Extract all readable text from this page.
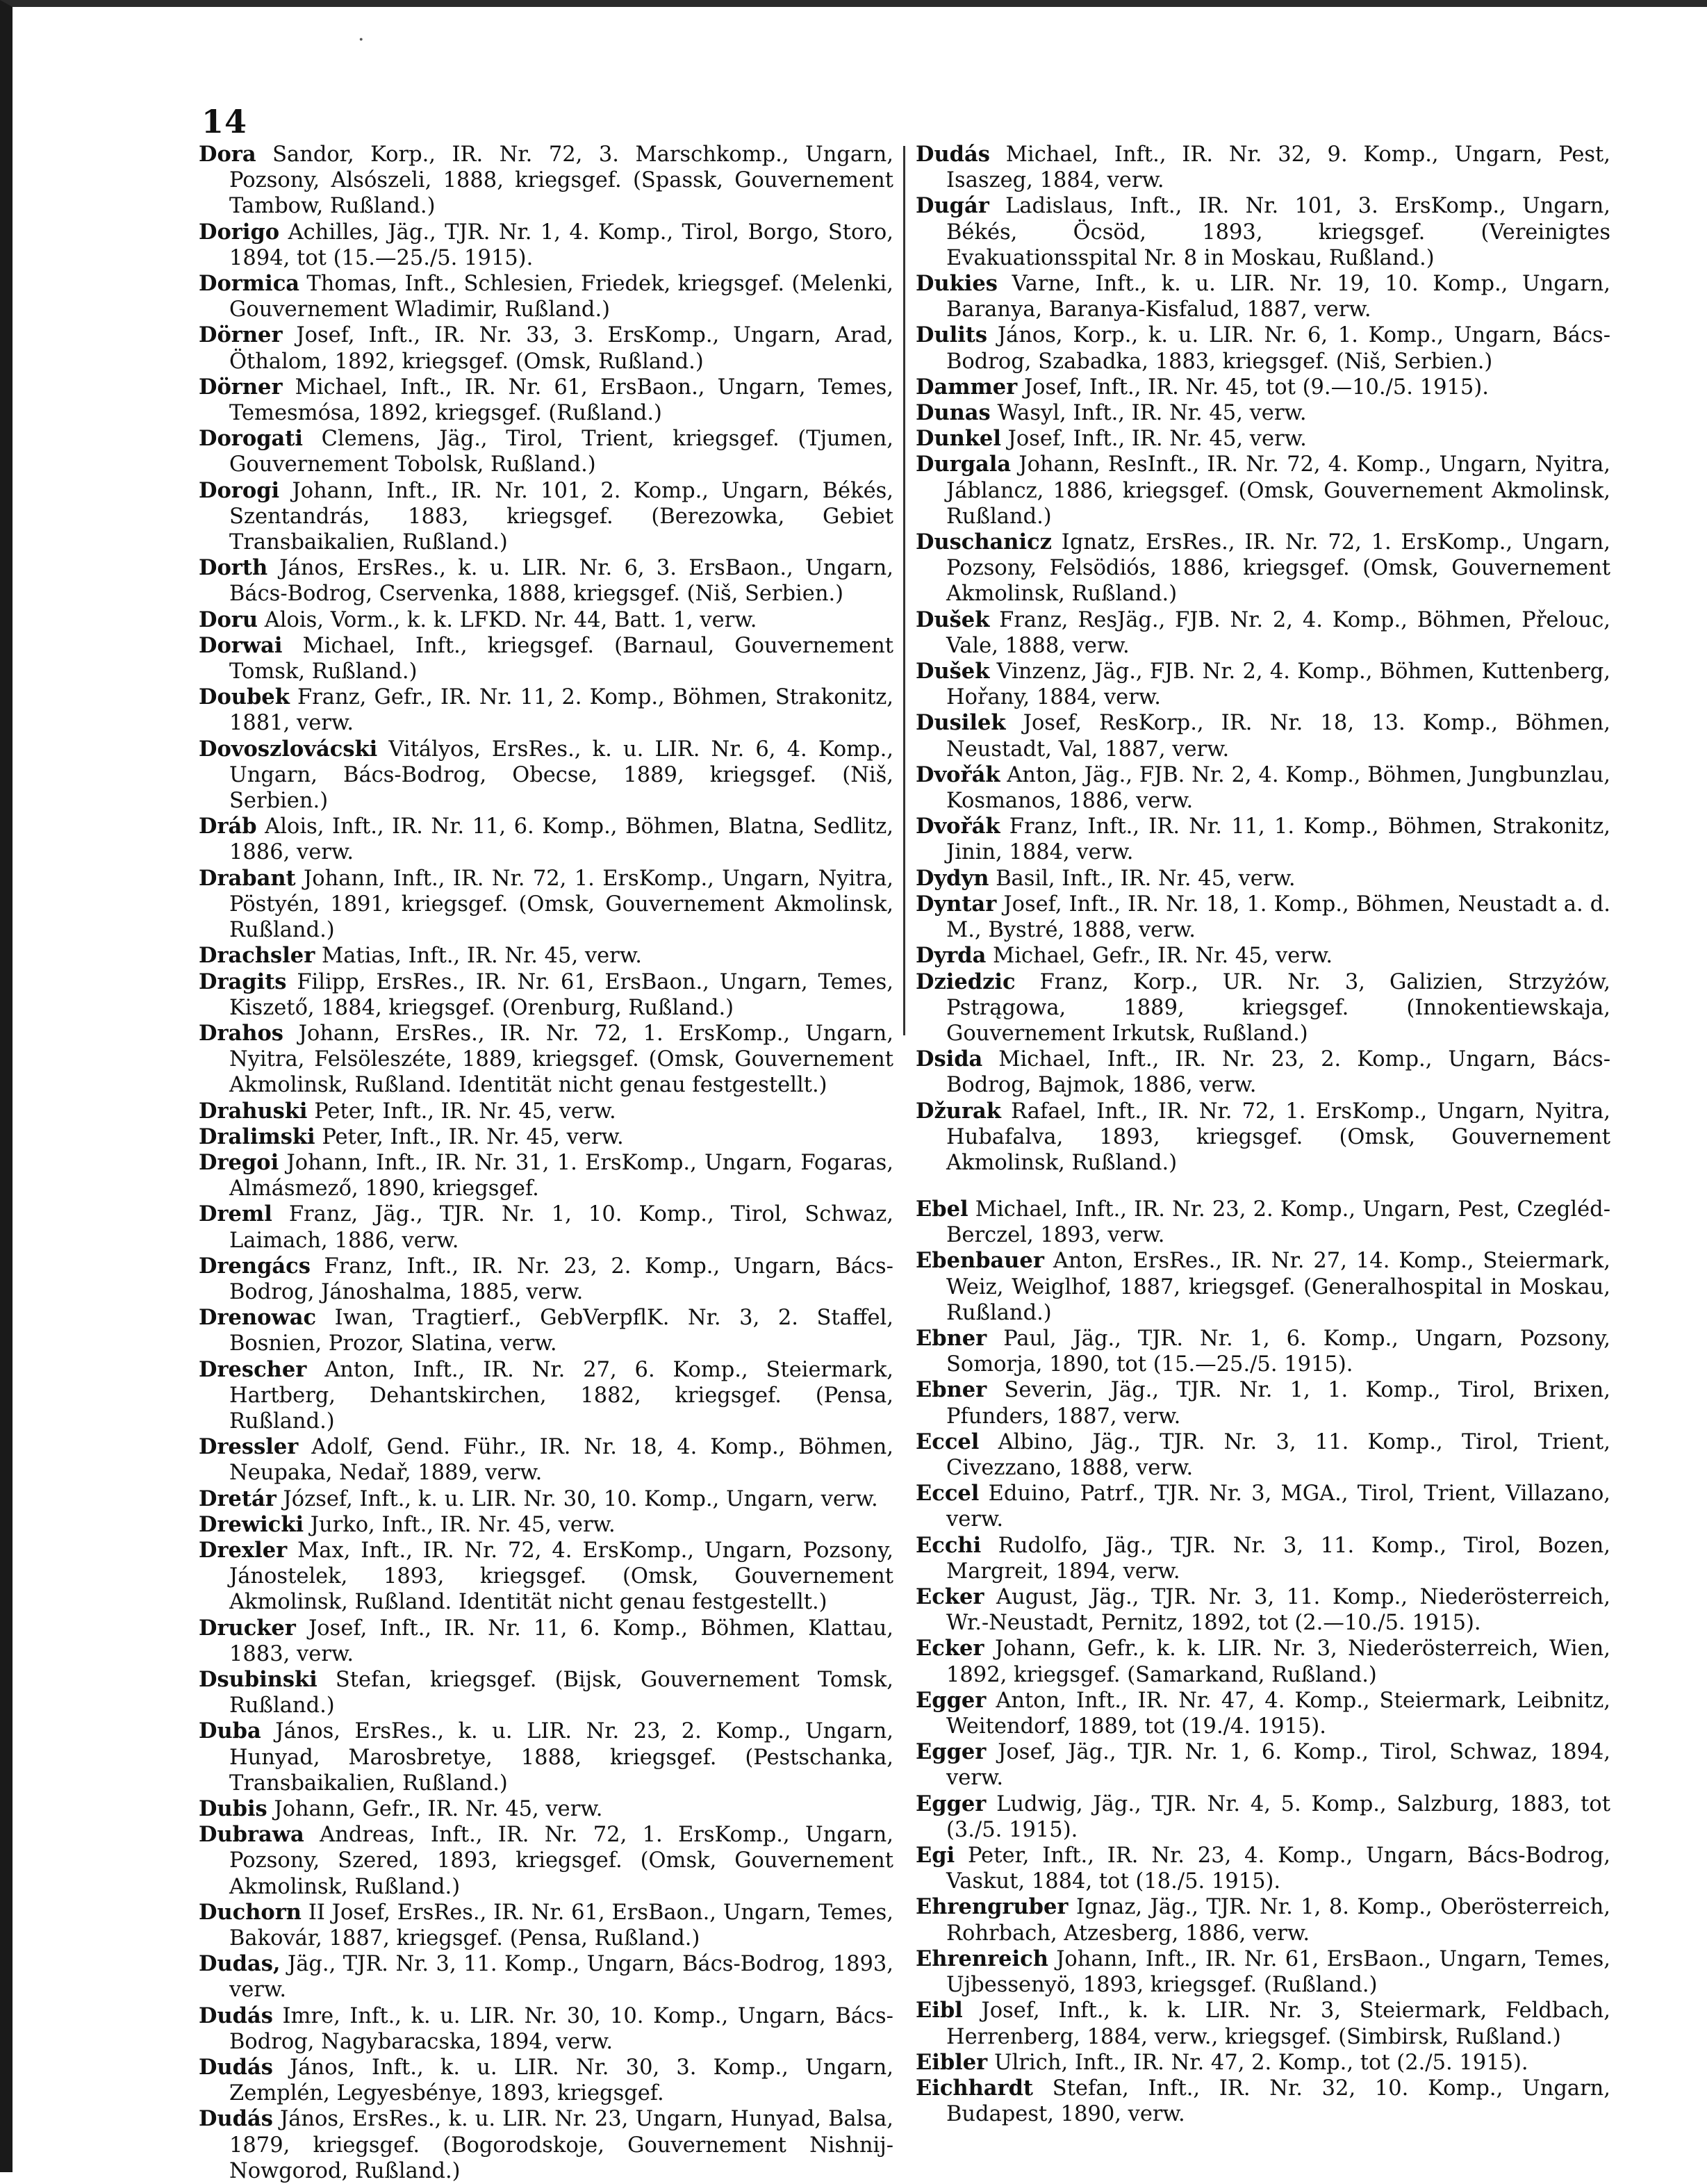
·
14

Dora Sandor, Korp., IR. Nr. 72, 3. Marschkomp., Ungarn, Pozsony, Alsószeli, 1888, kriegsgef. (Spassk, Gouvernement Tambow, Rußland.)

Dorigo Achilles, Jäg., TJR. Nr. 1, 4. Komp., Tirol, Borgo, Storo, 1894, tot (15.—25./5. 1915).

Dormica Thomas, Inft., Schlesien, Friedek, kriegsgef. (Melenki, Gouvernement Wladimir, Rußland.)

Dörner Josef, Inft., IR. Nr. 33, 3. ErsKomp., Ungarn, Arad, Öthalom, 1892, kriegsgef. (Omsk, Rußland.)

Dörner Michael, Inft., IR. Nr. 61, ErsBaon., Ungarn, Temes, Temesmósa, 1892, kriegsgef. (Rußland.)

Dorogati Clemens, Jäg., Tirol, Trient, kriegsgef. (Tjumen, Gouvernement Tobolsk, Rußland.)

Dorogi Johann, Inft., IR. Nr. 101, 2. Komp., Ungarn, Békés, Szentandrás, 1883, kriegsgef. (Berezowka, Gebiet Transbaikalien, Rußland.)

Dorth János, ErsRes., k. u. LIR. Nr. 6, 3. ErsBaon., Ungarn, Bács-Bodrog, Cservenka, 1888, kriegsgef. (Niš, Serbien.)

Doru Alois, Vorm., k. k. LFKD. Nr. 44, Batt. 1, verw.

Dorwai Michael, Inft., kriegsgef. (Barnaul, Gouvernement Tomsk, Rußland.)

Doubek Franz, Gefr., IR. Nr. 11, 2. Komp., Böhmen, Strakonitz, 1881, verw.

Dovoszlovácski Vitályos, ErsRes., k. u. LIR. Nr. 6, 4. Komp., Ungarn, Bács-Bodrog, Obecse, 1889, kriegsgef. (Niš, Serbien.)

Dráb Alois, Inft., IR. Nr. 11, 6. Komp., Böhmen, Blatna, Sedlitz, 1886, verw.

Drabant Johann, Inft., IR. Nr. 72, 1. ErsKomp., Ungarn, Nyitra, Pöstyén, 1891, kriegsgef. (Omsk, Gouvernement Akmolinsk, Rußland.)

Drachsler Matias, Inft., IR. Nr. 45, verw.

Dragits Filipp, ErsRes., IR. Nr. 61, ErsBaon., Ungarn, Temes, Kiszető, 1884, kriegsgef. (Orenburg, Rußland.)

Drahos Johann, ErsRes., IR. Nr. 72, 1. ErsKomp., Ungarn, Nyitra, Felsöleszéte, 1889, kriegsgef. (Omsk, Gouvernement Akmolinsk, Rußland. Identität nicht genau festgestellt.)

Drahuski Peter, Inft., IR. Nr. 45, verw.

Dralimski Peter, Inft., IR. Nr. 45, verw.

Dregoi Johann, Inft., IR. Nr. 31, 1. ErsKomp., Ungarn, Fogaras, Almásmező, 1890, kriegsgef.

Dreml Franz, Jäg., TJR. Nr. 1, 10. Komp., Tirol, Schwaz, Laimach, 1886, verw.

Drengács Franz, Inft., IR. Nr. 23, 2. Komp., Ungarn, Bács-Bodrog, Jánoshalma, 1885, verw.

Drenowac Iwan, Tragtierf., GebVerpflK. Nr. 3, 2. Staffel, Bosnien, Prozor, Slatina, verw.

Drescher Anton, Inft., IR. Nr. 27, 6. Komp., Steiermark, Hartberg, Dehantskirchen, 1882, kriegsgef. (Pensa, Rußland.)

Dressler Adolf, Gend. Führ., IR. Nr. 18, 4. Komp., Böhmen, Neupaka, Nedař, 1889, verw.

Dretár József, Inft., k. u. LIR. Nr. 30, 10. Komp., Ungarn, verw.

Drewicki Jurko, Inft., IR. Nr. 45, verw.

Drexler Max, Inft., IR. Nr. 72, 4. ErsKomp., Ungarn, Pozsony, Jánostelek, 1893, kriegsgef. (Omsk, Gouvernement Akmolinsk, Rußland. Identität nicht genau festgestellt.)

Drucker Josef, Inft., IR. Nr. 11, 6. Komp., Böhmen, Klattau, 1883, verw.

Dsubinski Stefan, kriegsgef. (Bijsk, Gouvernement Tomsk, Rußland.)

Duba János, ErsRes., k. u. LIR. Nr. 23, 2. Komp., Ungarn, Hunyad, Marosbretye, 1888, kriegsgef. (Pestschanka, Transbaikalien, Rußland.)

Dubis Johann, Gefr., IR. Nr. 45, verw.

Dubrawa Andreas, Inft., IR. Nr. 72, 1. ErsKomp., Ungarn, Pozsony, Szered, 1893, kriegsgef. (Omsk, Gouvernement Akmolinsk, Rußland.)

Duchorn II Josef, ErsRes., IR. Nr. 61, ErsBaon., Ungarn, Temes, Bakovár, 1887, kriegsgef. (Pensa, Rußland.)

Dudas, Jäg., TJR. Nr. 3, 11. Komp., Ungarn, Bács-Bodrog, 1893, verw.

Dudás Imre, Inft., k. u. LIR. Nr. 30, 10. Komp., Ungarn, Bács-Bodrog, Nagybaracska, 1894, verw.

Dudás János, Inft., k. u. LIR. Nr. 30, 3. Komp., Ungarn, Zemplén, Legyesbénye, 1893, kriegsgef.

Dudás János, ErsRes., k. u. LIR. Nr. 23, Ungarn, Hunyad, Balsa, 1879, kriegsgef. (Bogorodskoje, Gouvernement Nishnij-Nowgorod, Rußland.)

Dudás Michael, Inft., IR. Nr. 32, 9. Komp., Ungarn, Pest, Isaszeg, 1884, verw.

Dugár Ladislaus, Inft., IR. Nr. 101, 3. ErsKomp., Ungarn, Békés, Öcsöd, 1893, kriegsgef. (Vereinigtes Evakuationsspital Nr. 8 in Moskau, Rußland.)

Dukies Varne, Inft., k. u. LIR. Nr. 19, 10. Komp., Ungarn, Baranya, Baranya-Kisfalud, 1887, verw.

Dulits János, Korp., k. u. LIR. Nr. 6, 1. Komp., Ungarn, Bács-Bodrog, Szabadka, 1883, kriegsgef. (Niš, Serbien.)

Dammer Josef, Inft., IR. Nr. 45, tot (9.—10./5. 1915).

Dunas Wasyl, Inft., IR. Nr. 45, verw.

Dunkel Josef, Inft., IR. Nr. 45, verw.

Durgala Johann, ResInft., IR. Nr. 72, 4. Komp., Ungarn, Nyitra, Jáblancz, 1886, kriegsgef. (Omsk, Gouvernement Akmolinsk, Rußland.)

Duschanicz Ignatz, ErsRes., IR. Nr. 72, 1. ErsKomp., Ungarn, Pozsony, Felsödiós, 1886, kriegsgef. (Omsk, Gouvernement Akmolinsk, Rußland.)

Dušek Franz, ResJäg., FJB. Nr. 2, 4. Komp., Böhmen, Přelouc, Vale, 1888, verw.

Dušek Vinzenz, Jäg., FJB. Nr. 2, 4. Komp., Böhmen, Kuttenberg, Hořany, 1884, verw.

Dusilek Josef, ResKorp., IR. Nr. 18, 13. Komp., Böhmen, Neustadt, Val, 1887, verw.

Dvořák Anton, Jäg., FJB. Nr. 2, 4. Komp., Böhmen, Jungbunzlau, Kosmanos, 1886, verw.

Dvořák Franz, Inft., IR. Nr. 11, 1. Komp., Böhmen, Strakonitz, Jinin, 1884, verw.

Dydyn Basil, Inft., IR. Nr. 45, verw.

Dyntar Josef, Inft., IR. Nr. 18, 1. Komp., Böhmen, Neustadt a. d. M., Bystré, 1888, verw.

Dyrda Michael, Gefr., IR. Nr. 45, verw.

Dziedzic Franz, Korp., UR. Nr. 3, Galizien, Strzyżów, Pstrągowa, 1889, kriegsgef. (Innokentiewskaja, Gouvernement Irkutsk, Rußland.)

Dsida Michael, Inft., IR. Nr. 23, 2. Komp., Ungarn, Bács-Bodrog, Bajmok, 1886, verw.

Džurak Rafael, Inft., IR. Nr. 72, 1. ErsKomp., Ungarn, Nyitra, Hubafalva, 1893, kriegsgef. (Omsk, Gouvernement Akmolinsk, Rußland.)

Ebel Michael, Inft., IR. Nr. 23, 2. Komp., Ungarn, Pest, Czegléd-Berczel, 1893, verw.

Ebenbauer Anton, ErsRes., IR. Nr. 27, 14. Komp., Steiermark, Weiz, Weiglhof, 1887, kriegsgef. (Generalhospital in Moskau, Rußland.)

Ebner Paul, Jäg., TJR. Nr. 1, 6. Komp., Ungarn, Pozsony, Somorja, 1890, tot (15.—25./5. 1915).

Ebner Severin, Jäg., TJR. Nr. 1, 1. Komp., Tirol, Brixen, Pfunders, 1887, verw.

Eccel Albino, Jäg., TJR. Nr. 3, 11. Komp., Tirol, Trient, Civezzano, 1888, verw.

Eccel Eduino, Patrf., TJR. Nr. 3, MGA., Tirol, Trient, Villazano, verw.

Ecchi Rudolfo, Jäg., TJR. Nr. 3, 11. Komp., Tirol, Bozen, Margreit, 1894, verw.

Ecker August, Jäg., TJR. Nr. 3, 11. Komp., Niederösterreich, Wr.-Neustadt, Pernitz, 1892, tot (2.—10./5. 1915).

Ecker Johann, Gefr., k. k. LIR. Nr. 3, Niederösterreich, Wien, 1892, kriegsgef. (Samarkand, Rußland.)

Egger Anton, Inft., IR. Nr. 47, 4. Komp., Steiermark, Leibnitz, Weitendorf, 1889, tot (19./4. 1915).

Egger Josef, Jäg., TJR. Nr. 1, 6. Komp., Tirol, Schwaz, 1894, verw.

Egger Ludwig, Jäg., TJR. Nr. 4, 5. Komp., Salzburg, 1883, tot (3./5. 1915).

Egi Peter, Inft., IR. Nr. 23, 4. Komp., Ungarn, Bács-Bodrog, Vaskut, 1884, tot (18./5. 1915).

Ehrengruber Ignaz, Jäg., TJR. Nr. 1, 8. Komp., Oberösterreich, Rohrbach, Atzesberg, 1886, verw.

Ehrenreich Johann, Inft., IR. Nr. 61, ErsBaon., Ungarn, Temes, Ujbessenyö, 1893, kriegsgef. (Rußland.)

Eibl Josef, Inft., k. k. LIR. Nr. 3, Steiermark, Feldbach, Herrenberg, 1884, verw., kriegsgef. (Simbirsk, Rußland.)

Eibler Ulrich, Inft., IR. Nr. 47, 2. Komp., tot (2./5. 1915).

Eichhardt Stefan, Inft., IR. Nr. 32, 10. Komp., Ungarn, Budapest, 1890, verw.
